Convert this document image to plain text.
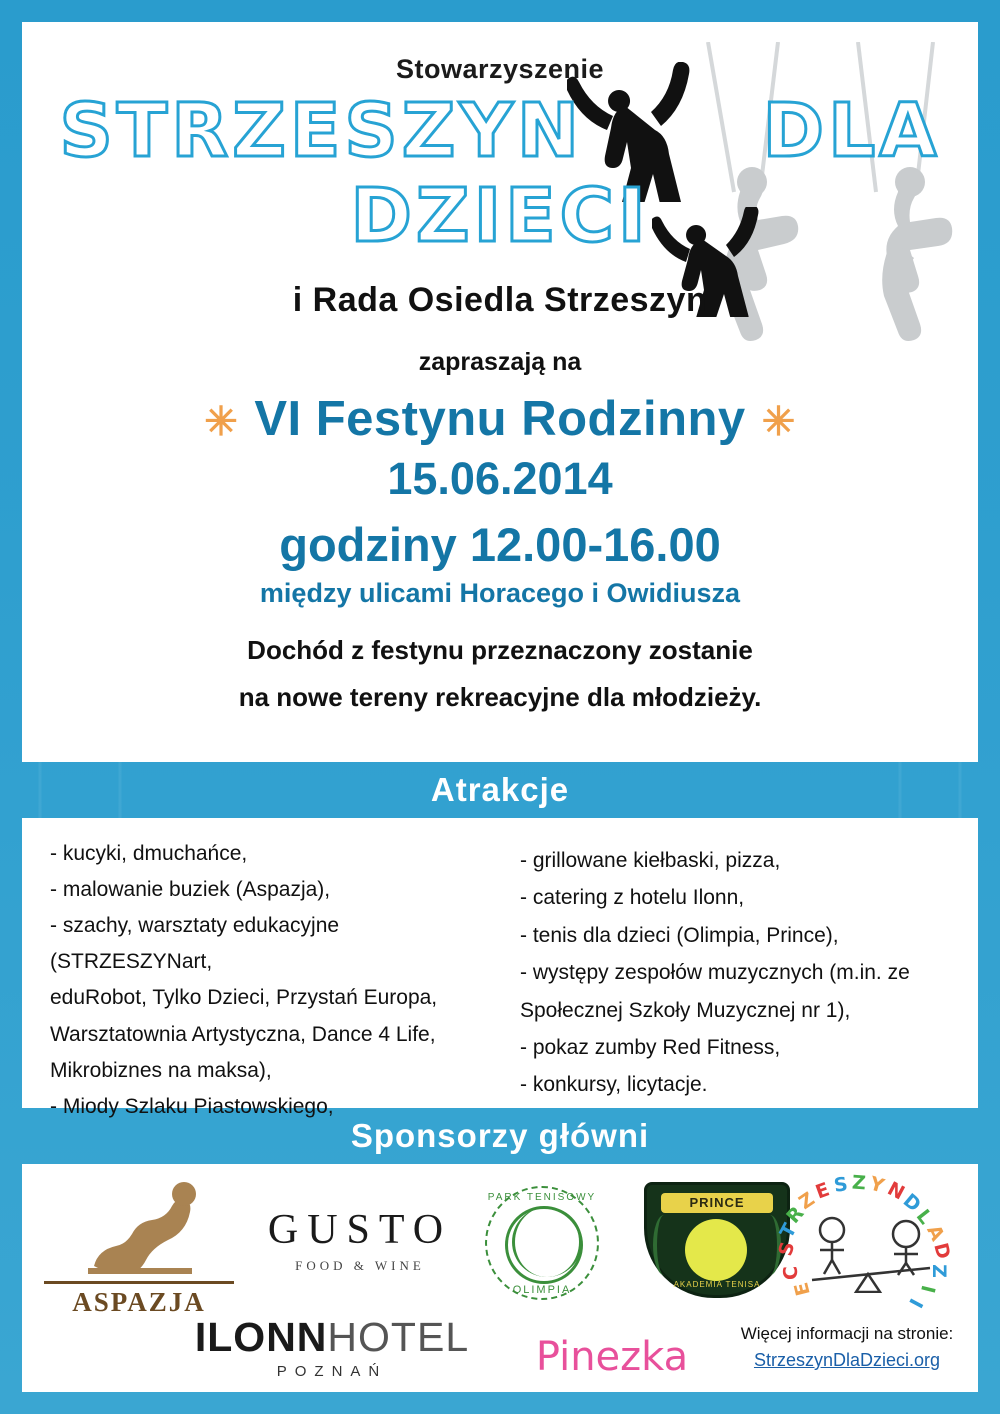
Stowarzyszenie
STRZESZYN DLA
DZIECI
i Rada Osiedla Strzeszyn
zapraszają na
✳ VI Festynu Rodzinny ✳
15.06.2014
godziny 12.00-16.00
między ulicami Horacego i Owidiusza
Dochód z festynu przeznaczony zostanie
na nowe tereny rekreacyjne dla młodzieży.
Atrakcje
- kucyki, dmuchańce,
- malowanie buziek (Aspazja),
- szachy, warsztaty edukacyjne (STRZESZYNart,
eduRobot, Tylko Dzieci, Przystań Europa,
Warsztatownia Artystyczna, Dance 4 Life,
Mikrobiznes na maksa),
- Miody Szlaku Piastowskiego,
- grillowane kiełbaski, pizza,
- catering z hotelu Ilonn,
- tenis dla dzieci (Olimpia, Prince),
- występy zespołów muzycznych (m.in. ze
Społecznej Szkoły Muzycznej nr 1),
- pokaz zumby Red Fitness,
- konkursy, licytacje.
Sponsorzy główni
ASPAZJA
GUSTO
FOOD & WINE
ILONNHOTEL
POZNAŃ	Pinezka
PARK TENISOWY
OLIMPIA
PRINCE
AKADEMIA TENISA
S
T
R
Z
E S Z Y
N
D
L
A
D
Z
I
E
C
I
Więcej informacji na stronie:
StrzeszynDlaDzieci.org
